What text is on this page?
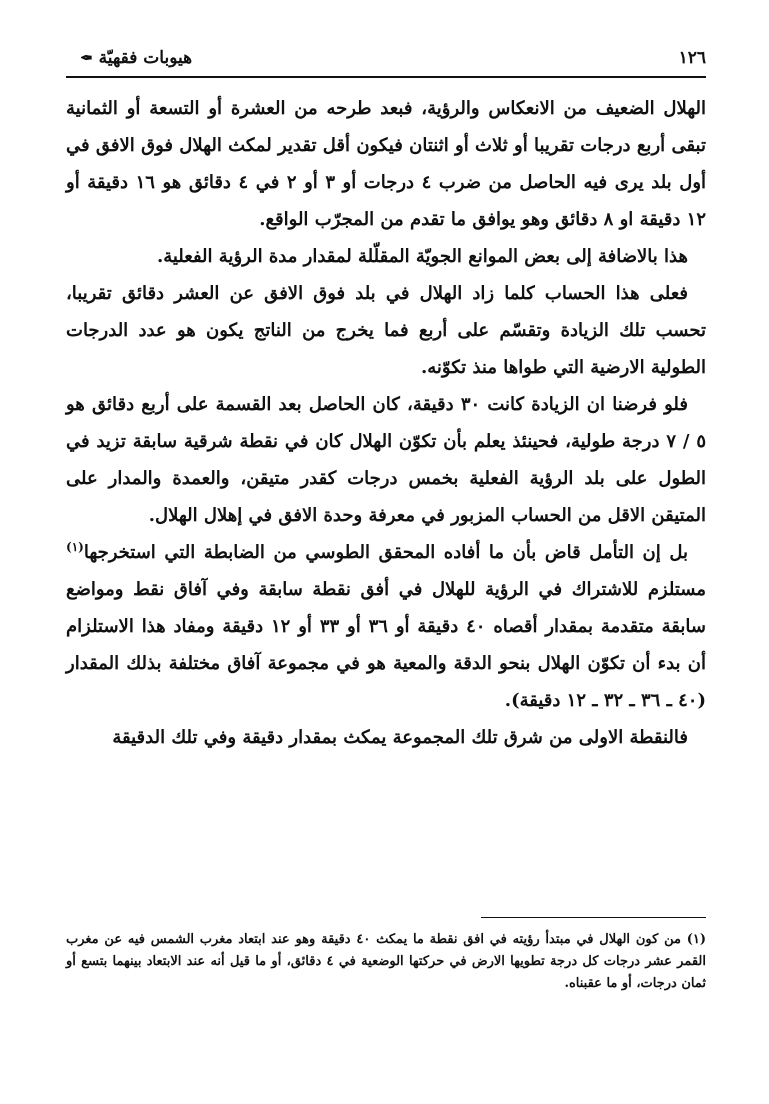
١٢٦
هيوبات فقهيّة
✒

الهلال الضعيف من الانعكاس والرؤية، فبعد طرحه من العشرة أو التسعة أو الثمانية تبقى أربع درجات تقريبا أو ثلاث أو اثنتان فيكون أقل تقدير لمكث الهلال فوق الافق في أول بلد يرى فيه الحاصل من ضرب ٤ درجات أو ٣ أو ٢ في ٤ دقائق هو ١٦ دقيقة أو ١٢ دقيقة او ٨ دقائق وهو يوافق ما تقدم من المجرّب الواقع.

هذا بالاضافة إلى بعض الموانع الجويّة المقلّلة لمقدار مدة الرؤية الفعلية.

فعلى هذا الحساب كلما زاد الهلال في بلد فوق الافق عن العشر دقائق تقريبا، تحسب تلك الزيادة وتقسّم على أربع فما يخرج من الناتج يكون هو عدد الدرجات الطولية الارضية التي طواها منذ تكوّنه.

فلو فرضنا ان الزيادة كانت ٣٠ دقيقة، كان الحاصل بعد القسمة على أربع دقائق هو ٥ / ٧ درجة طولية، فحينئذ يعلم بأن تكوّن الهلال كان في نقطة شرقية سابقة تزيد في الطول على بلد الرؤية الفعلية بخمس درجات كقدر متيقن، والعمدة والمدار على المتيقن الاقل من الحساب المزبور في معرفة وحدة الافق في إهلال الهلال.

بل إن التأمل قاض بأن ما أفاده المحقق الطوسي من الضابطة التي استخرجها$^{(١)}$ مستلزم للاشتراك في الرؤية للهلال في أفق نقطة سابقة وفي آفاق نقط ومواضع سابقة متقدمة بمقدار أقصاه ٤٠ دقيقة أو ٣٦ أو ٣٣ أو ١٢ دقيقة ومفاد هذا الاستلزام أن بدء أن تكوّن الهلال بنحو الدقة والمعية هو في مجموعة آفاق مختلفة بذلك المقدار (٤٠ ـ ٣٦ ـ ٣٢ ـ ١٢ دقيقة).

فالنقطة الاولى من شرق تلك المجموعة يمكث بمقدار دقيقة وفي تلك الدقيقة

(١) من كون الهلال في مبتدأ رؤيته في افق نقطة ما يمكث ٤٠ دقيقة وهو عند ابتعاد مغرب الشمس فيه عن مغرب القمر عشر درجات كل درجة تطويها الارض في حركتها الوضعية في ٤ دقائق، أو ما قيل أنه عند الابتعاد بينهما بتسع أو ثمان درجات، أو ما عقبناه.
